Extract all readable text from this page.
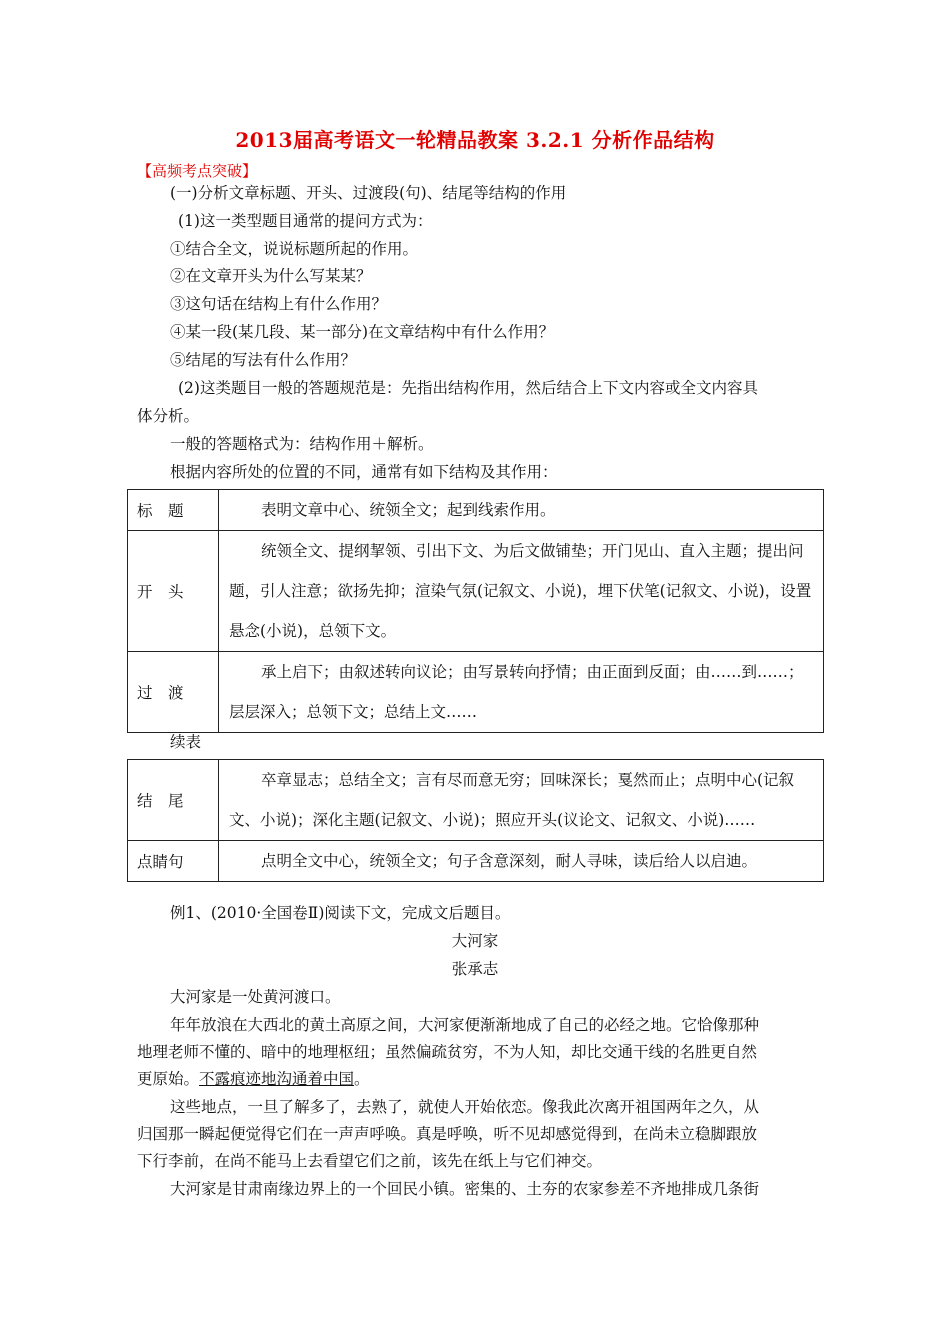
2013届高考语文一轮精品教案 3.2.1 分析作品结构
【高频考点突破】
(一)分析文章标题、开头、过渡段(句)、结尾等结构的作用
(1)这一类型题目通常的提问方式为：
①结合全文，说说标题所起的作用。
②在文章开头为什么写某某？
③这句话在结构上有什么作用？
④某一段(某几段、某一部分)在文章结构中有什么作用？
⑤结尾的写法有什么作用？
(2)这类题目一般的答题规范是：先指出结构作用，然后结合上下文内容或全文内容具
体分析。
一般的答题格式为：结构作用＋解析。
根据内容所处的位置的不同，通常有如下结构及其作用：
标　题	表明文章中心、统领全文；起到线索作用。
开　头	统领全文、提纲挈领、引出下文、为后文做铺垫；开门见山、直入主题；提出问题，引人注意；欲扬先抑；渲染气氛(记叙文、小说)，埋下伏笔(记叙文、小说)，设置悬念(小说)，总领下文。
过　渡	承上启下；由叙述转向议论；由写景转向抒情；由正面到反面；由……到……；层层深入；总领下文；总结上文……
续表
结　尾	卒章显志；总结全文；言有尽而意无穷；回味深长；戛然而止；点明中心(记叙文、小说)；深化主题(记叙文、小说)；照应开头(议论文、记叙文、小说)……
点睛句	点明全文中心，统领全文；句子含意深刻，耐人寻味，读后给人以启迪。
例1、(2010·全国卷Ⅱ)阅读下文，完成文后题目。
大河家
张承志
大河家是一处黄河渡口。
年年放浪在大西北的黄土高原之间，大河家便渐渐地成了自己的必经之地。它恰像那种
地理老师不懂的、暗中的地理枢纽；虽然偏疏贫穷，不为人知，却比交通干线的名胜更自然
更原始。不露痕迹地沟通着中国。
这些地点，一旦了解多了，去熟了，就使人开始依恋。像我此次离开祖国两年之久，从
归国那一瞬起便觉得它们在一声声呼唤。真是呼唤，听不见却感觉得到，在尚未立稳脚跟放
下行李前，在尚不能马上去看望它们之前，该先在纸上与它们神交。
大河家是甘肃南缘边界上的一个回民小镇。密集的、土夯的农家参差不齐地排成几条街
